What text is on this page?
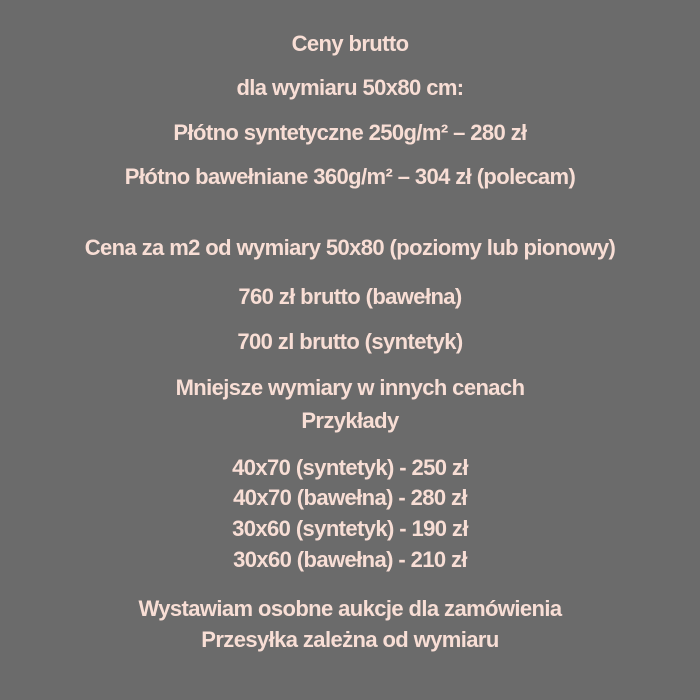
Ceny brutto
dla wymiaru 50x80 cm:
Płótno syntetyczne 250g/m² – 280 zł
Płótno bawełniane 360g/m² – 304 zł (polecam)
Cena za m2 od wymiary 50x80 (poziomy lub pionowy)
760 zł brutto (bawełna)
700 zl brutto (syntetyk)
Mniejsze wymiary w innych cenach
Przykłady
40x70 (syntetyk) - 250 zł
40x70 (bawełna) - 280 zł
30x60 (syntetyk) - 190 zł
30x60 (bawełna) - 210 zł
Wystawiam osobne aukcje dla zamówienia
Przesyłka zależna od wymiaru
